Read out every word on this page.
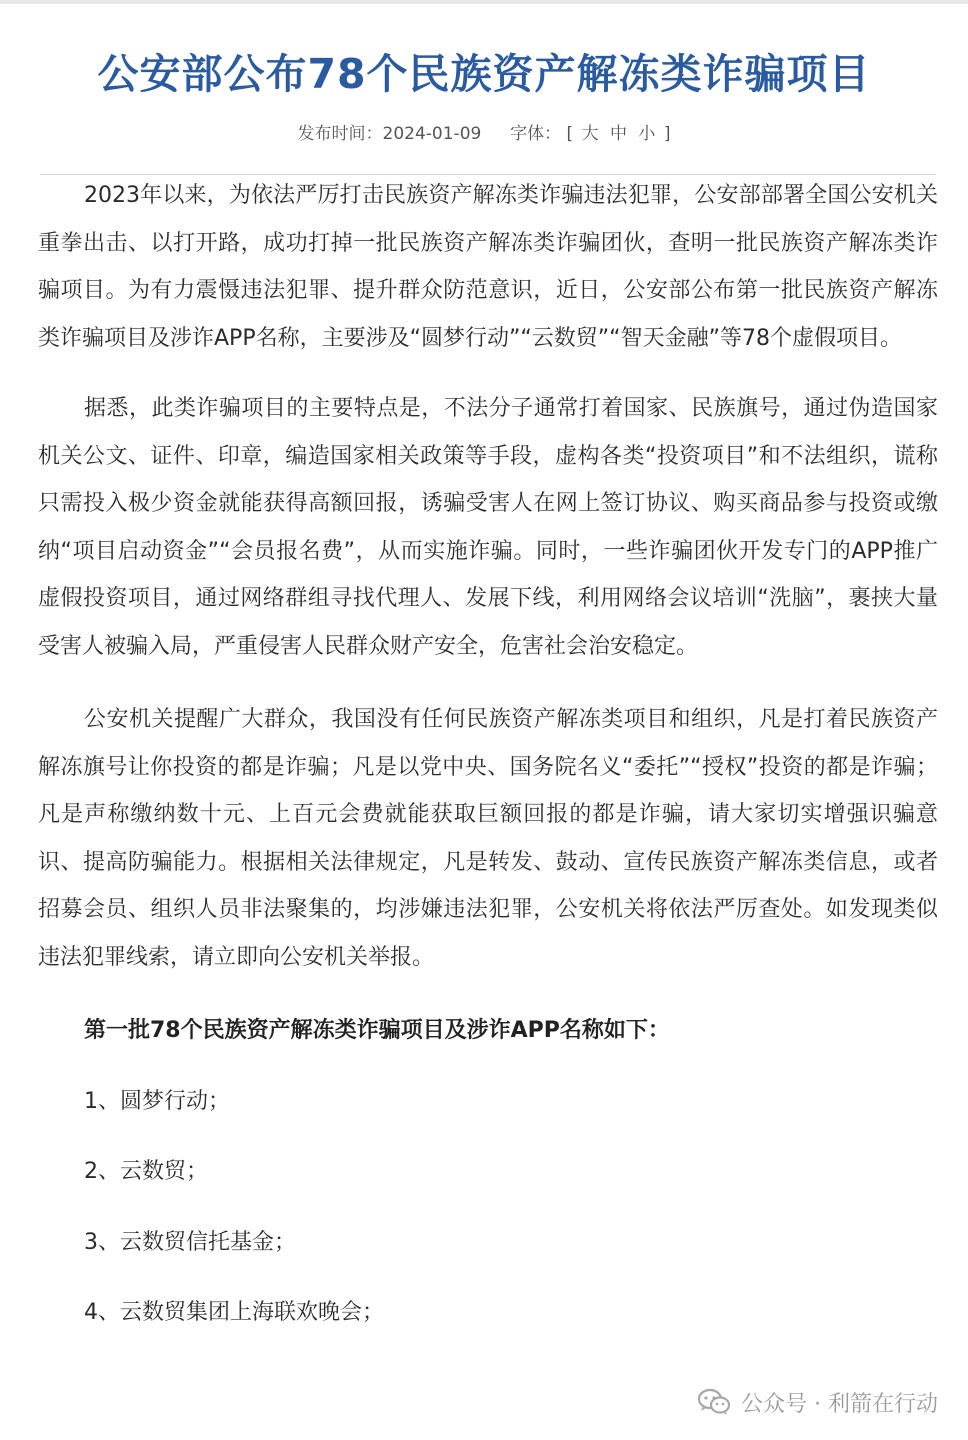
公安部公布78个民族资产解冻类诈骗项目
发布时间：2024-01-09 字体： [ 大 中 小 ]

2023年以来，为依法严厉打击民族资产解冻类诈骗违法犯罪，公安部部署全国公安机关重拳出击、以打开路，成功打掉一批民族资产解冻类诈骗团伙，查明一批民族资产解冻类诈骗项目。为有力震慑违法犯罪、提升群众防范意识，近日，公安部公布第一批民族资产解冻类诈骗项目及涉诈APP名称，主要涉及“圆梦行动”“云数贸”“智天金融”等78个虚假项目。

据悉，此类诈骗项目的主要特点是，不法分子通常打着国家、民族旗号，通过伪造国家机关公文、证件、印章，编造国家相关政策等手段，虚构各类“投资项目”和不法组织，谎称只需投入极少资金就能获得高额回报，诱骗受害人在网上签订协议、购买商品参与投资或缴纳“项目启动资金”“会员报名费”，从而实施诈骗。同时，一些诈骗团伙开发专门的APP推广虚假投资项目，通过网络群组寻找代理人、发展下线，利用网络会议培训“洗脑”，裹挟大量受害人被骗入局，严重侵害人民群众财产安全，危害社会治安稳定。

公安机关提醒广大群众，我国没有任何民族资产解冻类项目和组织，凡是打着民族资产解冻旗号让你投资的都是诈骗；凡是以党中央、国务院名义“委托”“授权”投资的都是诈骗；凡是声称缴纳数十元、上百元会费就能获取巨额回报的都是诈骗，请大家切实增强识骗意识、提高防骗能力。根据相关法律规定，凡是转发、鼓动、宣传民族资产解冻类信息，或者招募会员、组织人员非法聚集的，均涉嫌违法犯罪，公安机关将依法严厉查处。如发现类似违法犯罪线索，请立即向公安机关举报。

第一批78个民族资产解冻类诈骗项目及涉诈APP名称如下：

1、圆梦行动；
2、云数贸；
3、云数贸信托基金；
4、云数贸集团上海联欢晚会；
公众号 · 利箭在行动
